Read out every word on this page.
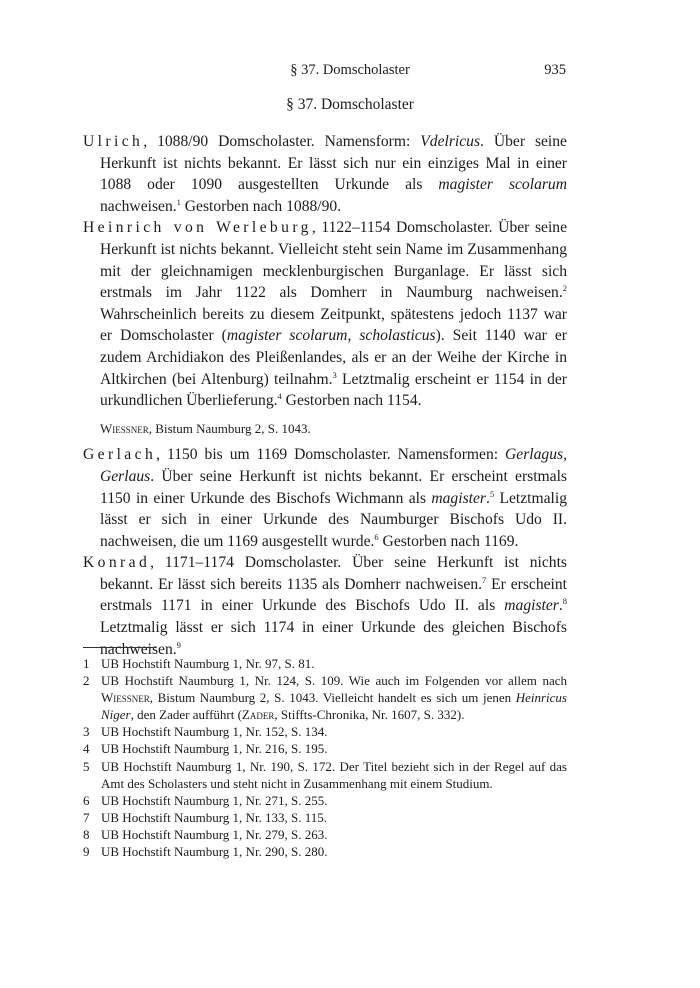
§ 37. Domscholaster	935
§ 37. Domscholaster

Ulrich, 1088/90 Domscholaster. Namensform: Vdelricus. Über seine Herkunft ist nichts bekannt. Er lässt sich nur ein einziges Mal in einer 1088 oder 1090 ausgestellten Urkunde als magister scolarum nachweisen.$^1$ Gestorben nach 1088/90.

Heinrich von Werleburg, 1122–1154 Domscholaster. Über seine Herkunft ist nichts bekannt. Vielleicht steht sein Name im Zusammenhang mit der gleichnamigen mecklenburgischen Burganlage. Er lässt sich erstmals im Jahr 1122 als Domherr in Naumburg nachweisen.$^2$ Wahrscheinlich bereits zu diesem Zeitpunkt, spätestens jedoch 1137 war er Domscholaster (magister scolarum, scholasticus). Seit 1140 war er zudem Archidiakon des Pleißenlandes, als er an der Weihe der Kirche in Altkirchen (bei Altenburg) teilnahm.$^3$ Letztmalig erscheint er 1154 in der urkundlichen Überlieferung.$^4$ Gestorben nach 1154.

Wiessner, Bistum Naumburg 2, S. 1043.

Gerlach, 1150 bis um 1169 Domscholaster. Namensformen: Gerlagus, Gerlaus. Über seine Herkunft ist nichts bekannt. Er erscheint erstmals 1150 in einer Urkunde des Bischofs Wichmann als magister.$^5$ Letztmalig lässt er sich in einer Urkunde des Naumburger Bischofs Udo II. nachweisen, die um 1169 ausgestellt wurde.$^6$ Gestorben nach 1169.

Konrad, 1171–1174 Domscholaster. Über seine Herkunft ist nichts bekannt. Er lässt sich bereits 1135 als Domherr nachweisen.$^7$ Er erscheint erstmals 1171 in einer Urkunde des Bischofs Udo II. als magister.$^8$ Letztmalig lässt er sich 1174 in einer Urkunde des gleichen Bischofs nachweisen.$^9$

1 UB Hochstift Naumburg 1, Nr. 97, S. 81.
2 UB Hochstift Naumburg 1, Nr. 124, S. 109. Wie auch im Folgenden vor allem nach Wiessner, Bistum Naumburg 2, S. 1043. Vielleicht handelt es sich um jenen Heinricus Niger, den Zader aufführt (Zader, Stiffts-Chronika, Nr. 1607, S. 332).
3 UB Hochstift Naumburg 1, Nr. 152, S. 134.
4 UB Hochstift Naumburg 1, Nr. 216, S. 195.
5 UB Hochstift Naumburg 1, Nr. 190, S. 172. Der Titel bezieht sich in der Regel auf das Amt des Scholasters und steht nicht in Zusammenhang mit einem Studium.
6 UB Hochstift Naumburg 1, Nr. 271, S. 255.
7 UB Hochstift Naumburg 1, Nr. 133, S. 115.
8 UB Hochstift Naumburg 1, Nr. 279, S. 263.
9 UB Hochstift Naumburg 1, Nr. 290, S. 280.
